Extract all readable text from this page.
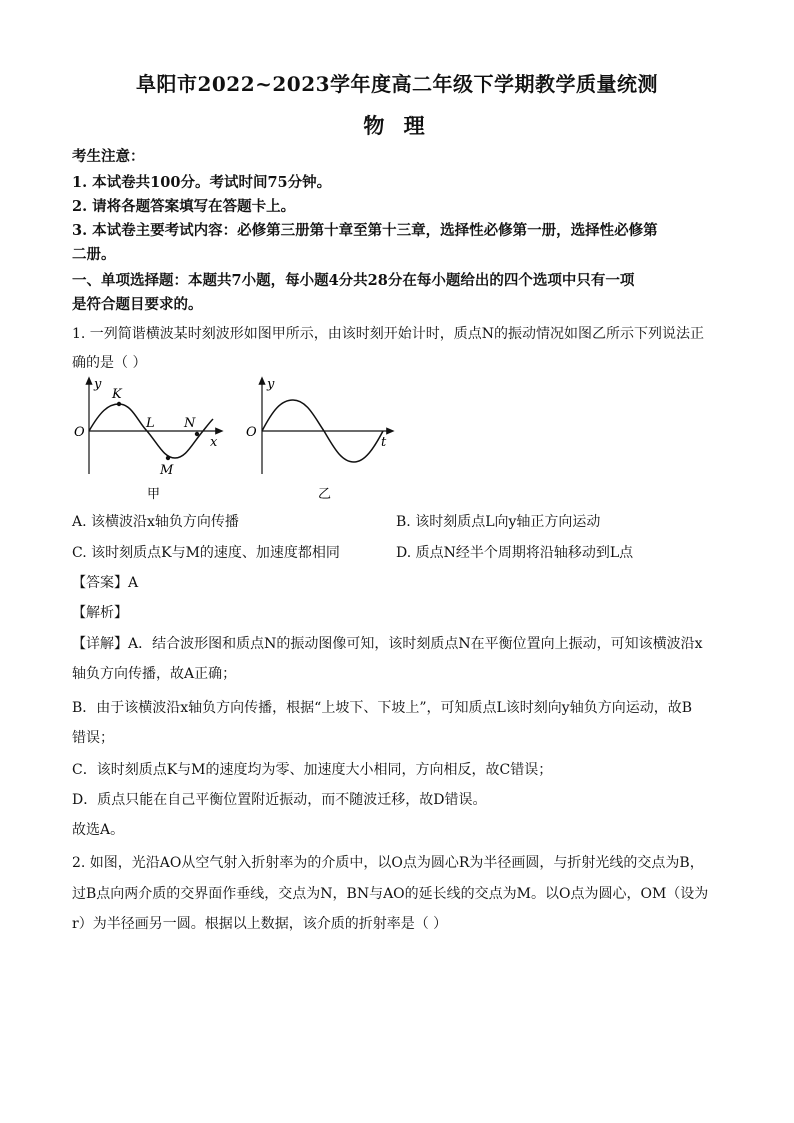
阜阳市2022~2023学年度高二年级下学期教学质量统测
物 理
考生注意：
1. 本试卷共100分。考试时间75分钟。
2. 请将各题答案填写在答题卡上。
3. 本试卷主要考试内容：必修第三册第十章至第十三章，选择性必修第一册，选择性必修第
二册。
一、单项选择题：本题共7小题，每小题4分共28分在每小题给出的四个选项中只有一项
是符合题目要求的。
1. 一列简谐横波某时刻波形如图甲所示，由该时刻开始计时，质点N的振动情况如图乙所示下列说法正
确的是（ ）
y
K
O
L N
x
M
甲
y
O
t
乙
A. 该横波沿x轴负方向传播	B. 该时刻质点L向y轴正方向运动
C. 该时刻质点K与M的速度、加速度都相同	D. 质点N经半个周期将沿轴移动到L点
【答案】A
【解析】
【详解】A．结合波形图和质点N的振动图像可知，该时刻质点N在平衡位置向上振动，可知该横波沿x
轴负方向传播，故A正确；
B．由于该横波沿x轴负方向传播，根据“上坡下、下坡上”，可知质点L该时刻向y轴负方向运动，故B
错误；
C．该时刻质点K与M的速度均为零、加速度大小相同，方向相反，故C错误；
D．质点只能在自己平衡位置附近振动，而不随波迁移，故D错误。
故选A。
2. 如图，光沿AO从空气射入折射率为的介质中，以O点为圆心R为半径画圆，与折射光线的交点为B，
过B点向两介质的交界面作垂线，交点为N，BN与AO的延长线的交点为M。以O点为圆心，OM（设为
r）为半径画另一圆。根据以上数据，该介质的折射率是（ ）
